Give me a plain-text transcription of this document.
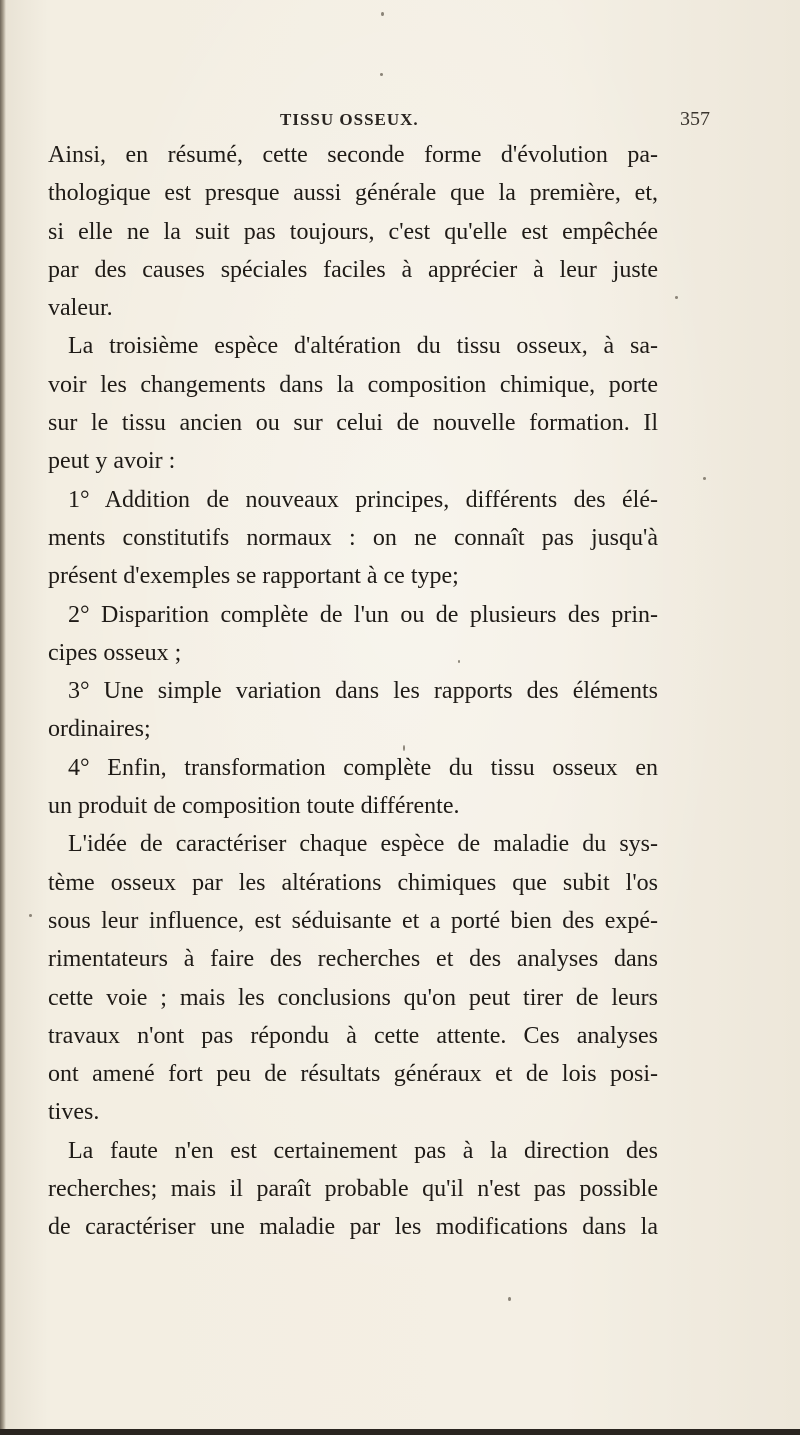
TISSU OSSEUX.	357
Ainsi, en résumé, cette seconde forme d'évolution pa-
thologique est presque aussi générale que la première, et,
si elle ne la suit pas toujours, c'est qu'elle est empêchée
par des causes spéciales faciles à apprécier à leur juste
valeur.
La troisième espèce d'altération du tissu osseux, à sa-
voir les changements dans la composition chimique, porte
sur le tissu ancien ou sur celui de nouvelle formation. Il
peut y avoir :
1° Addition de nouveaux principes, différents des élé-
ments constitutifs normaux : on ne connaît pas jusqu'à
présent d'exemples se rapportant à ce type;
2° Disparition complète de l'un ou de plusieurs des prin-
cipes osseux ;
3° Une simple variation dans les rapports des éléments
ordinaires;
4° Enfin, transformation complète du tissu osseux en
un produit de composition toute différente.
L'idée de caractériser chaque espèce de maladie du sys-
tème osseux par les altérations chimiques que subit l'os
sous leur influence, est séduisante et a porté bien des expé-
rimentateurs à faire des recherches et des analyses dans
cette voie ; mais les conclusions qu'on peut tirer de leurs
travaux n'ont pas répondu à cette attente. Ces analyses
ont amené fort peu de résultats généraux et de lois posi-
tives.
La faute n'en est certainement pas à la direction des
recherches; mais il paraît probable qu'il n'est pas possible
de caractériser une maladie par les modifications dans la
